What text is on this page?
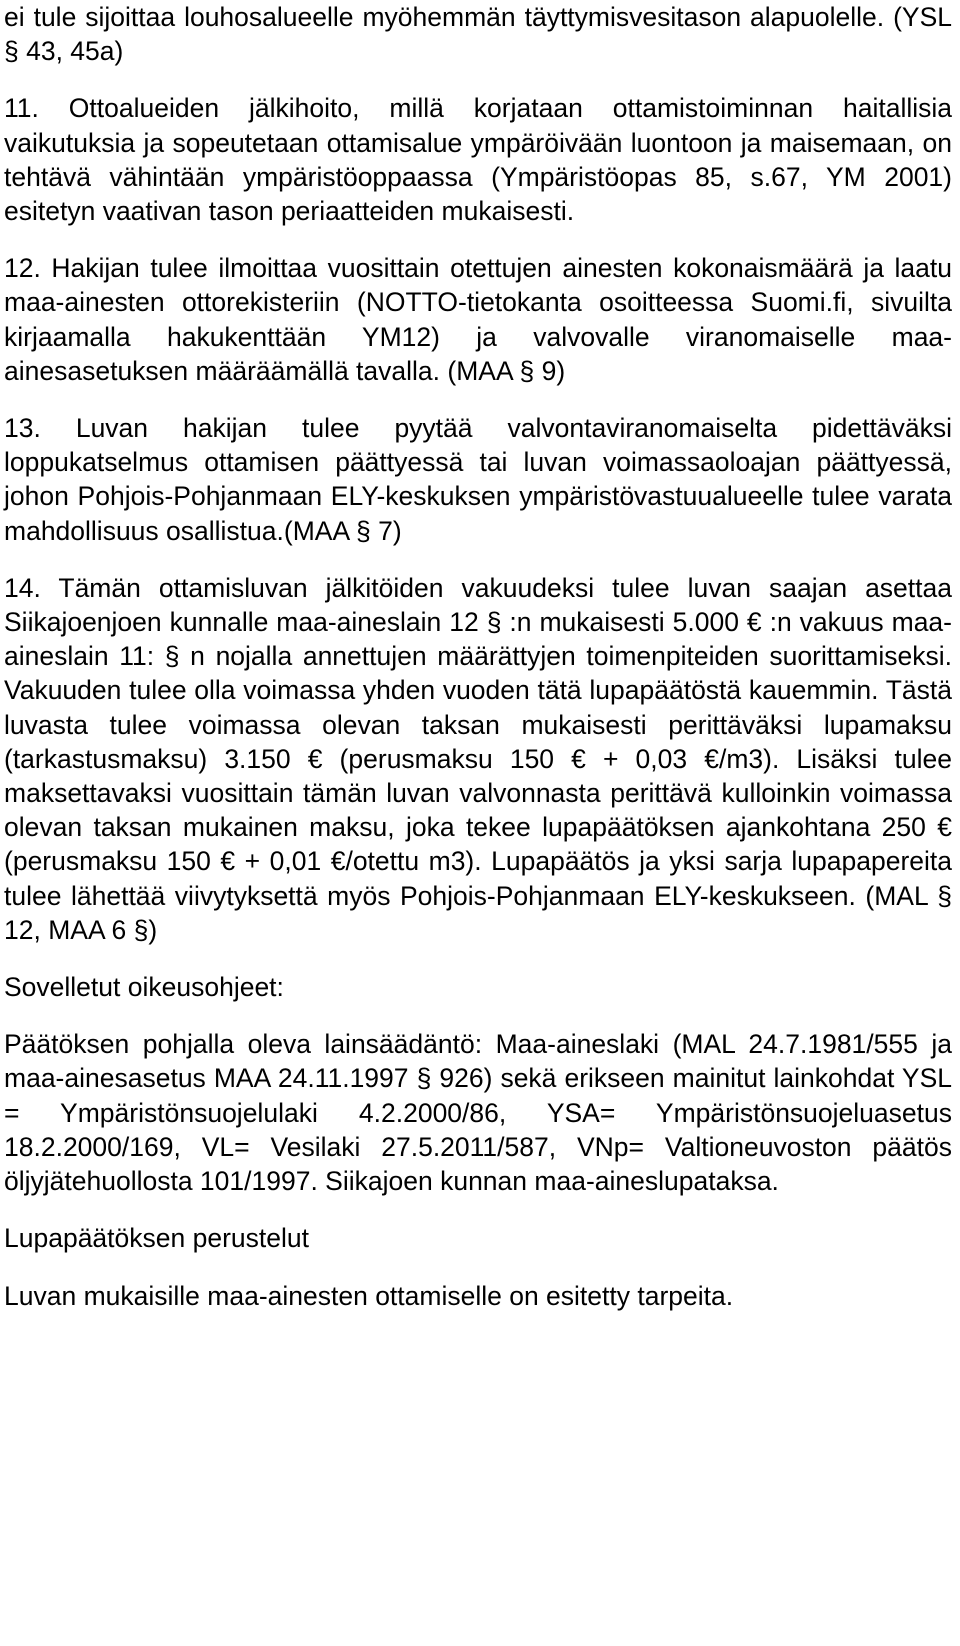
ei tule sijoittaa louhosalueelle myöhemmän täyttymisvesitason alapuolelle. (YSL § 43, 45a)

11. Ottoalueiden jälkihoito, millä korjataan ottamistoiminnan haitallisia vaikutuksia ja sopeutetaan ottamisalue ympäröivään luontoon ja maisemaan, on tehtävä vähintään ympäristöoppaassa (Ympäristöopas 85, s.67, YM 2001) esitetyn vaativan tason periaatteiden mukaisesti.

12. Hakijan tulee ilmoittaa vuosittain otettujen ainesten kokonaismäärä ja laatu maa-ainesten ottorekisteriin (NOTTO-tietokanta osoitteessa Suomi.fi, sivuilta kirjaamalla hakukenttään YM12) ja valvovalle viranomaiselle maa-ainesasetuksen määräämällä tavalla. (MAA § 9)

13. Luvan hakijan tulee pyytää valvontaviranomaiselta pidettäväksi loppukatselmus ottamisen päättyessä tai luvan voimassaoloajan päättyessä, johon Pohjois-Pohjanmaan ELY-keskuksen ympäristövastuualueelle tulee varata mahdollisuus osallistua.(MAA § 7)

14. Tämän ottamisluvan jälkitöiden vakuudeksi tulee luvan saajan asettaa Siikajoenjoen kunnalle maa-aineslain 12 § :n mukaisesti 5.000 € :n vakuus maa-aineslain 11: § n nojalla annettujen määrättyjen toimenpiteiden suorittamiseksi. Vakuuden tulee olla voimassa yhden vuoden tätä lupapäätöstä kauemmin. Tästä luvasta tulee voimassa olevan taksan mukaisesti perittäväksi lupamaksu (tarkastusmaksu) 3.150 € (perusmaksu 150 € + 0,03 €/m3). Lisäksi tulee maksettavaksi vuosittain tämän luvan valvonnasta perittävä kulloinkin voimassa olevan taksan mukainen maksu, joka tekee lupapäätöksen ajankohtana 250 € (perusmaksu 150 € + 0,01 €/otettu m3). Lupapäätös ja yksi sarja lupapapereita tulee lähettää viivytyksettä myös Pohjois-Pohjanmaan ELY-keskukseen. (MAL § 12, MAA 6 §)

Sovelletut oikeusohjeet:

Päätöksen pohjalla oleva lainsäädäntö: Maa-aineslaki (MAL 24.7.1981/555 ja maa-ainesasetus MAA 24.11.1997 § 926) sekä erikseen mainitut lainkohdat YSL = Ympäristönsuojelulaki 4.2.2000/86, YSA= Ympäristönsuojeluasetus 18.2.2000/169, VL= Vesilaki 27.5.2011/587, VNp= Valtioneuvoston päätös öljyjätehuollosta 101/1997. Siikajoen kunnan maa-aineslupataksa.

Lupapäätöksen perustelut

Luvan mukaisille maa-ainesten ottamiselle on esitetty tarpeita.
